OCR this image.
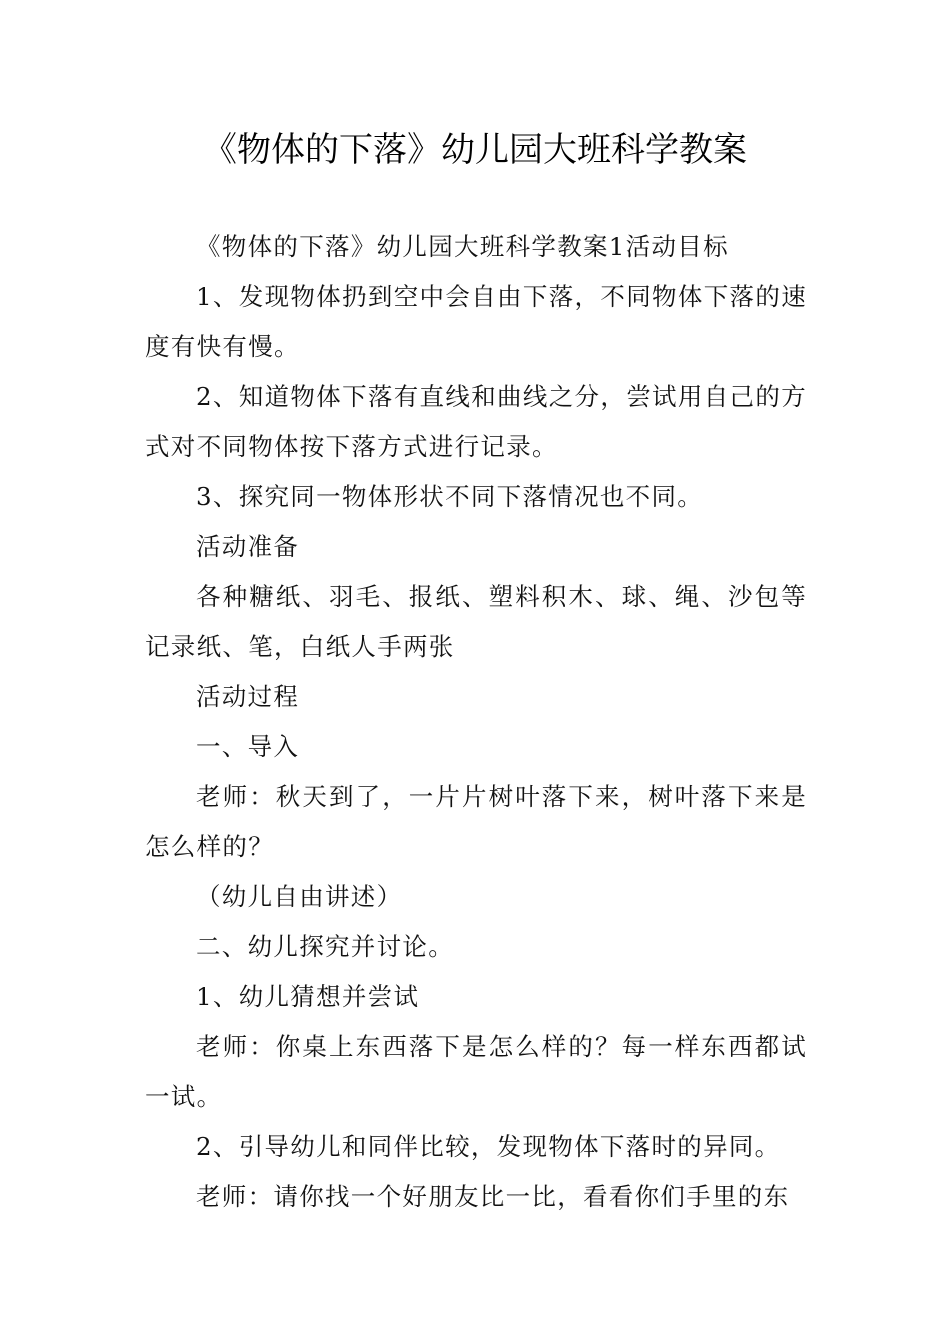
《物体的下落》幼儿园大班科学教案

《物体的下落》幼儿园大班科学教案1活动目标

1、发现物体扔到空中会自由下落，不同物体下落的速度有快有慢。

2、知道物体下落有直线和曲线之分，尝试用自己的方式对不同物体按下落方式进行记录。

3、探究同一物体形状不同下落情况也不同。

活动准备

各种糖纸、羽毛、报纸、塑料积木、球、绳、沙包等记录纸、笔，白纸人手两张

活动过程

一、导入

老师：秋天到了，一片片树叶落下来，树叶落下来是怎么样的？

（幼儿自由讲述）

二、幼儿探究并讨论。

1、幼儿猜想并尝试

老师：你桌上东西落下是怎么样的？每一样东西都试一试。

2、引导幼儿和同伴比较，发现物体下落时的异同。

老师：请你找一个好朋友比一比，看看你们手里的东
